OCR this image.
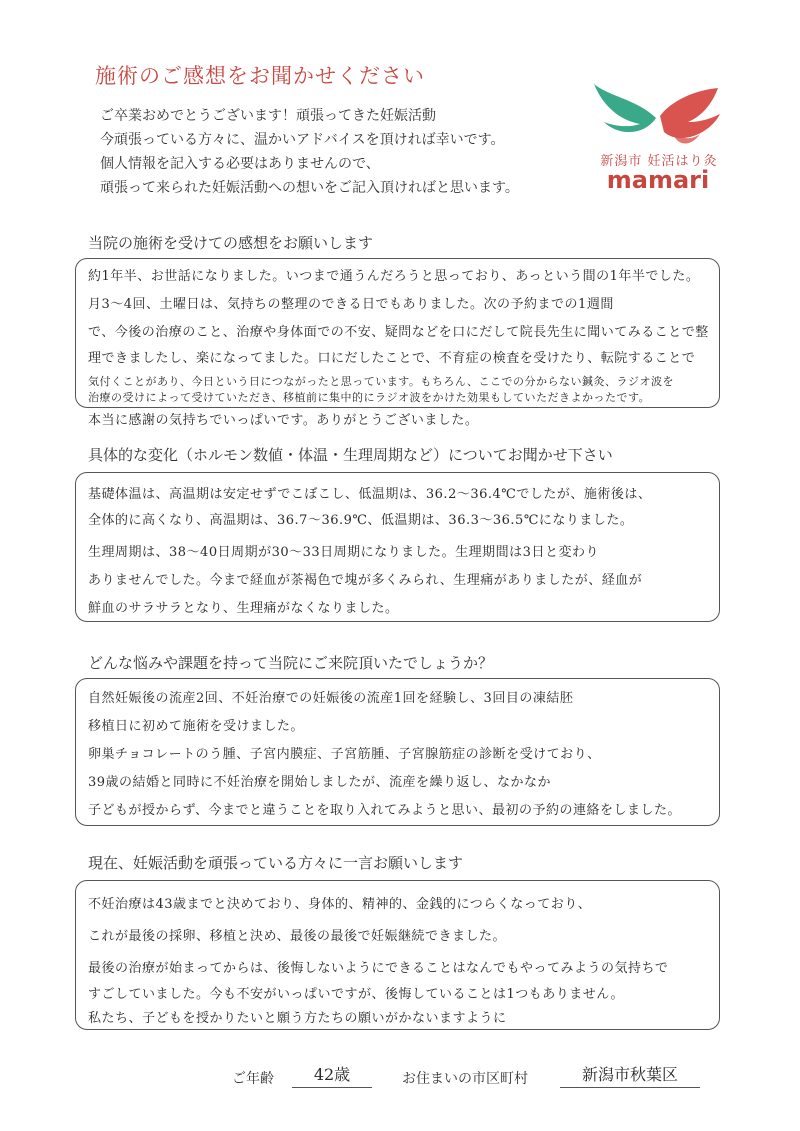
施術のご感想をお聞かせください
ご卒業おめでとうございます！頑張ってきた妊娠活動
今頑張っている方々に、温かいアドバイスを頂ければ幸いです。
個人情報を記入する必要はありませんので、
頑張って来られた妊娠活動への想いをご記入頂ければと思います。
新潟市 妊活はり灸
mamari
当院の施術を受けての感想をお願いします
約1年半、お世話になりました。いつまで通うんだろうと思っており、あっという間の1年半でした。
月3〜4回、土曜日は、気持ちの整理のできる日でもありました。次の予約までの1週間
で、今後の治療のこと、治療や身体面での不安、疑問などを口にだして院長先生に聞いてみることで整
理できましたし、楽になってました。口にだしたことで、不育症の検査を受けたり、転院することで
気付くことがあり、今日という日につながったと思っています。もちろん、ここでの分からない鍼灸、ラジオ波を
治療の受けによって受けていただき、移植前に集中的にラジオ波をかけた効果もしていただきよかったです。
本当に感謝の気持ちでいっぱいです。ありがとうございました。
具体的な変化（ホルモン数値・体温・生理周期など）についてお聞かせ下さい
基礎体温は、高温期は安定せずでこぼこし、低温期は、36.2〜36.4℃でしたが、施術後は、
全体的に高くなり、高温期は、36.7〜36.9℃、低温期は、36.3〜36.5℃になりました。
生理周期は、38〜40日周期が30〜33日周期になりました。生理期間は3日と変わり
ありませんでした。今まで経血が茶褐色で塊が多くみられ、生理痛がありましたが、経血が
鮮血のサラサラとなり、生理痛がなくなりました。
どんな悩みや課題を持って当院にご来院頂いたでしょうか？
自然妊娠後の流産2回、不妊治療での妊娠後の流産1回を経験し、3回目の凍結胚
移植日に初めて施術を受けました。
卵巣チョコレートのう腫、子宮内膜症、子宮筋腫、子宮腺筋症の診断を受けており、
39歳の結婚と同時に不妊治療を開始しましたが、流産を繰り返し、なかなか
子どもが授からず、今までと違うことを取り入れてみようと思い、最初の予約の連絡をしました。
現在、妊娠活動を頑張っている方々に一言お願いします
不妊治療は43歳までと決めており、身体的、精神的、金銭的につらくなっており、
これが最後の採卵、移植と決め、最後の最後で妊娠継続できました。
最後の治療が始まってからは、後悔しないようにできることはなんでもやってみようの気持ちで
すごしていました。今も不安がいっぱいですが、後悔していることは1つもありません。
私たち、子どもを授かりたいと願う方たちの願いがかないますように
ご年齢	42歳	お住まいの市区町村	新潟市秋葉区
